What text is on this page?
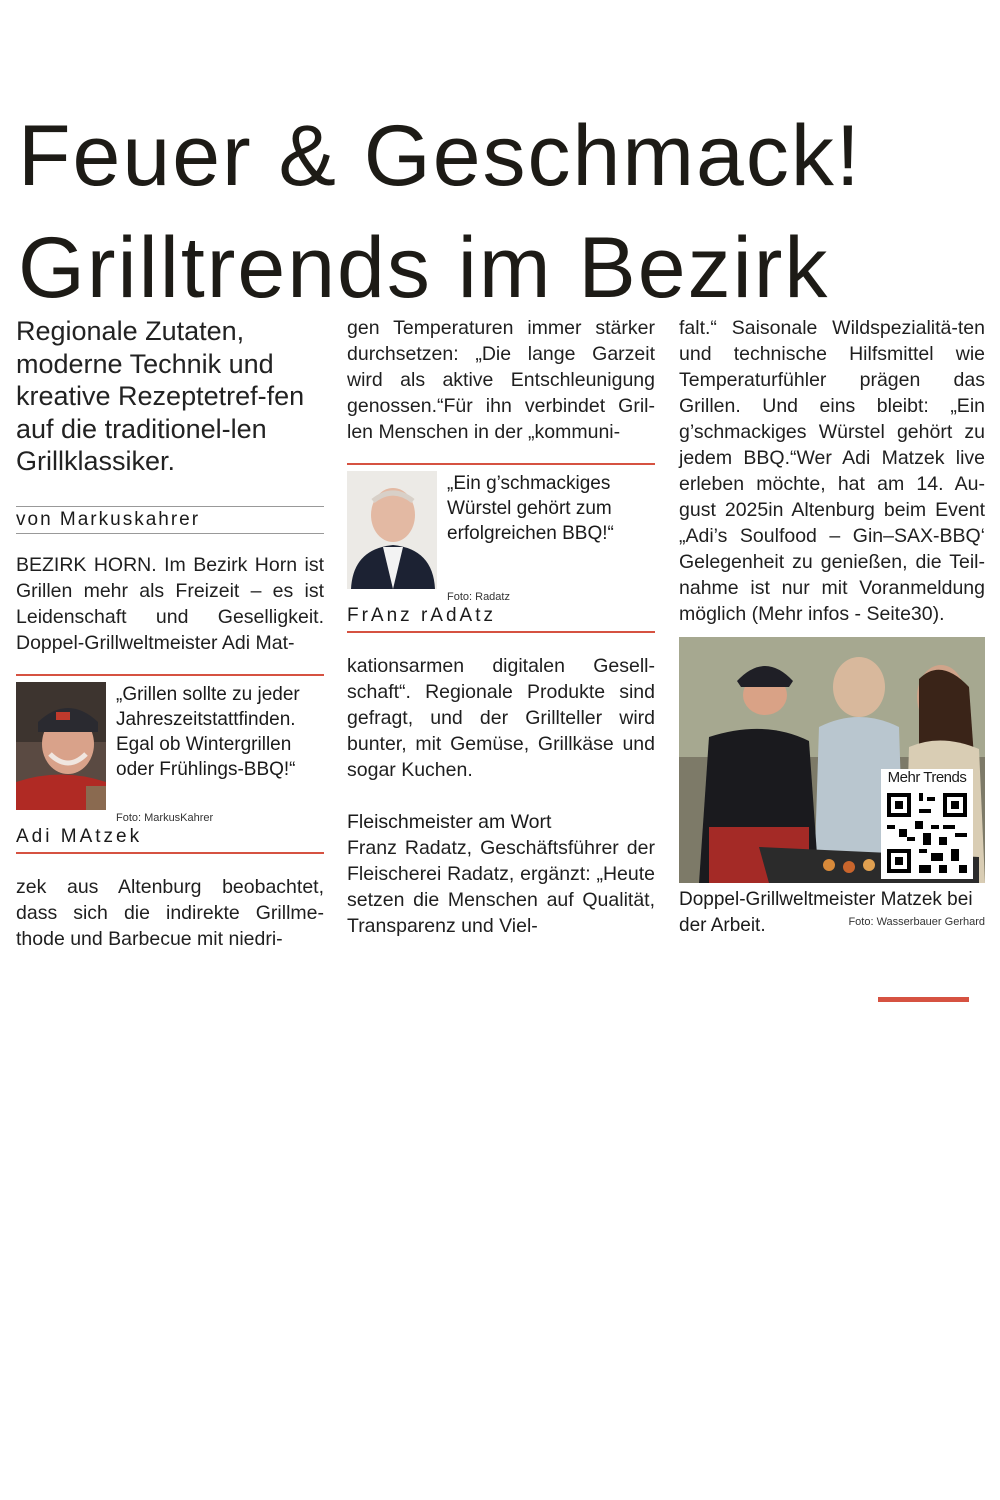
Feuer & Geschmack!
Grilltrends im Bezirk

Regionale Zutaten, moderne Technik und kreative Rezeptetref-fen auf die traditionel-len Grillklassiker.

von Markuskahrer

BEZIRK HORN. Im Bezirk Horn ist Grillen mehr als Freizeit – es ist Leidenschaft und Geselligkeit. Doppel-Grillweltmeister Adi Mat-

„Grillen sollte zu jeder Jahreszeitstattfinden. Egal ob Wintergrillen oder Frühlings-BBQ!“
Foto: MarkusKahrer
Adi MAtzek

zek aus Altenburg beobachtet, dass sich die indirekte Grillme-thode und Barbecue mit niedri-

gen Temperaturen immer stärker durchsetzen: „Die lange Garzeit wird als aktive Entschleunigung genossen.“Für ihn verbindet Gril-len Menschen in der „kommuni-

„Ein g’schmackiges Würstel gehört zum erfolgreichen BBQ!“
Foto: Radatz
FrAnz rAdAtz

kationsarmen digitalen Gesell-schaft“. Regionale Produkte sind gefragt, und der Grillteller wird bunter, mit Gemüse, Grillkäse und sogar Kuchen.

Fleischmeister am Wort

Franz Radatz, Geschäftsführer der Fleischerei Radatz, ergänzt: „Heute setzen die Menschen auf Qualität, Transparenz und Viel-

falt.“ Saisonale Wildspezialitä-ten und technische Hilfsmittel wie Temperaturfühler prägen das Grillen. Und eins bleibt: „Ein g’schmackiges Würstel gehört zu jedem BBQ.“Wer Adi Matzek live erleben möchte, hat am 14. Au-gust 2025in Altenburg beim Event „Adi’s Soulfood – Gin–SAX-BBQ‘ Gelegenheit zu genießen, die Teil-nahme ist nur mit Voranmeldung möglich (Mehr infos - Seite30).

Mehr Trends
Doppel-Grillweltmeister Matzek bei der Arbeit.	Foto: Wasserbauer Gerhard
